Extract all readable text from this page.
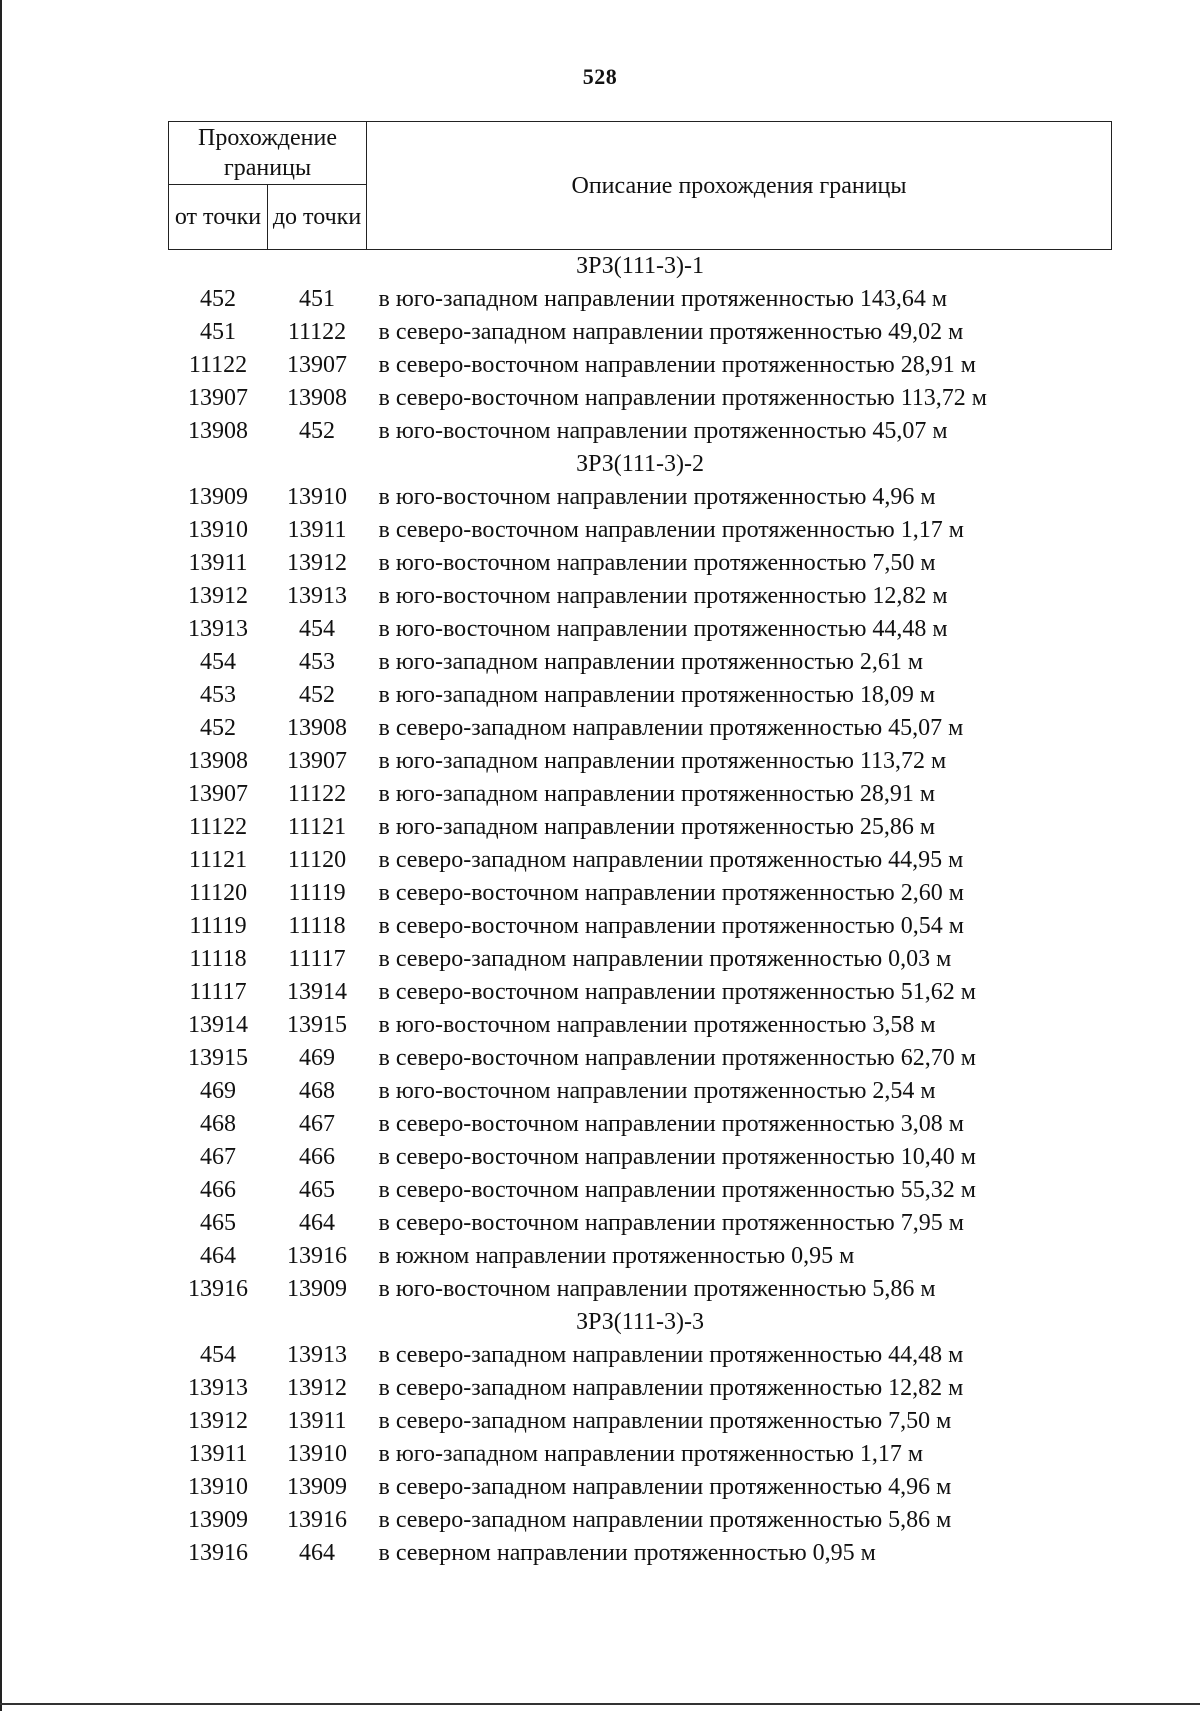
528
Прохождение границы		Описание прохождения границы
от точки	до точки	
ЗРЗ(111-3)-1		
452	451	в юго-западном направлении протяженностью 143,64 м
451	11122	в северо-западном направлении протяженностью 49,02 м
11122	13907	в северо-восточном направлении протяженностью 28,91 м
13907	13908	в северо-восточном направлении протяженностью 113,72 м
13908	452	в юго-восточном направлении протяженностью 45,07 м
ЗРЗ(111-3)-2		
13909	13910	в юго-восточном направлении протяженностью 4,96 м
13910	13911	в северо-восточном направлении протяженностью 1,17 м
13911	13912	в юго-восточном направлении протяженностью 7,50 м
13912	13913	в юго-восточном направлении протяженностью 12,82 м
13913	454	в юго-восточном направлении протяженностью 44,48 м
454	453	в юго-западном направлении протяженностью 2,61 м
453	452	в юго-западном направлении протяженностью 18,09 м
452	13908	в северо-западном направлении протяженностью 45,07 м
13908	13907	в юго-западном направлении протяженностью 113,72 м
13907	11122	в юго-западном направлении протяженностью 28,91 м
11122	11121	в юго-западном направлении протяженностью 25,86 м
11121	11120	в северо-западном направлении протяженностью 44,95 м
11120	11119	в северо-восточном направлении протяженностью 2,60 м
11119	11118	в северо-восточном направлении протяженностью 0,54 м
11118	11117	в северо-западном направлении протяженностью 0,03 м
11117	13914	в северо-восточном направлении протяженностью 51,62 м
13914	13915	в юго-восточном направлении протяженностью 3,58 м
13915	469	в северо-восточном направлении протяженностью 62,70 м
469	468	в юго-восточном направлении протяженностью 2,54 м
468	467	в северо-восточном направлении протяженностью 3,08 м
467	466	в северо-восточном направлении протяженностью 10,40 м
466	465	в северо-восточном направлении протяженностью 55,32 м
465	464	в северо-восточном направлении протяженностью 7,95 м
464	13916	в южном направлении протяженностью 0,95 м
13916	13909	в юго-восточном направлении протяженностью 5,86 м
ЗРЗ(111-3)-3		
454	13913	в северо-западном направлении протяженностью 44,48 м
13913	13912	в северо-западном направлении протяженностью 12,82 м
13912	13911	в северо-западном направлении протяженностью 7,50 м
13911	13910	в юго-западном направлении протяженностью 1,17 м
13910	13909	в северо-западном направлении протяженностью 4,96 м
13909	13916	в северо-западном направлении протяженностью 5,86 м
13916	464	в северном направлении протяженностью 0,95 м
